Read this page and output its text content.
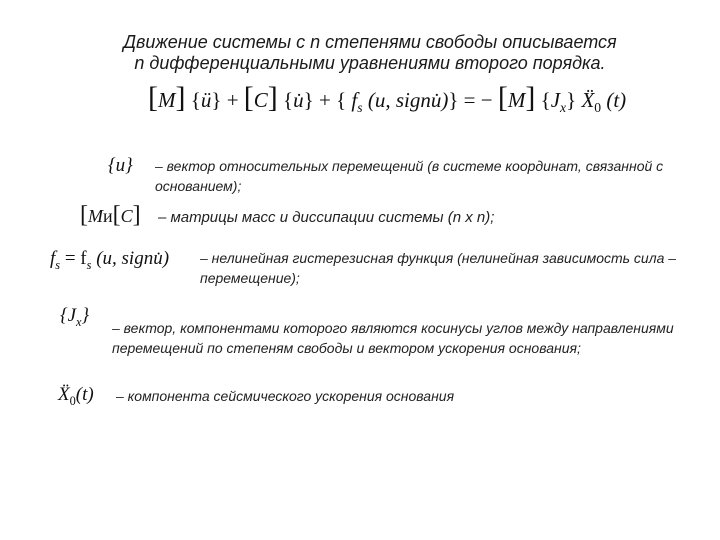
Движение системы с n степенями свободы описывается
n дифференциальными уравнениями второго порядка.
[M] {ü} + [C] {u̇} + { $f_s$ (u, signu̇)} = − [M] $\{J_x\}$ Ẍ$_0$ (t)
{u} – вектор относительных перемещений (в системе координат, связанной с основанием);
[Mи[C] – матрицы масс и диссипации системы (n x n);
$f_s = f_s$ (u, signu̇) – нелинейная гистерезисная функция (нелинейная зависимость сила – перемещение);
$\{J_x\}$
– вектор, компонентами которого являются косинусы углов между направлениями перемещений по степеням свободы и вектором ускорения основания;
Ẍ$_0$(t) – компонента сейсмического ускорения основания
